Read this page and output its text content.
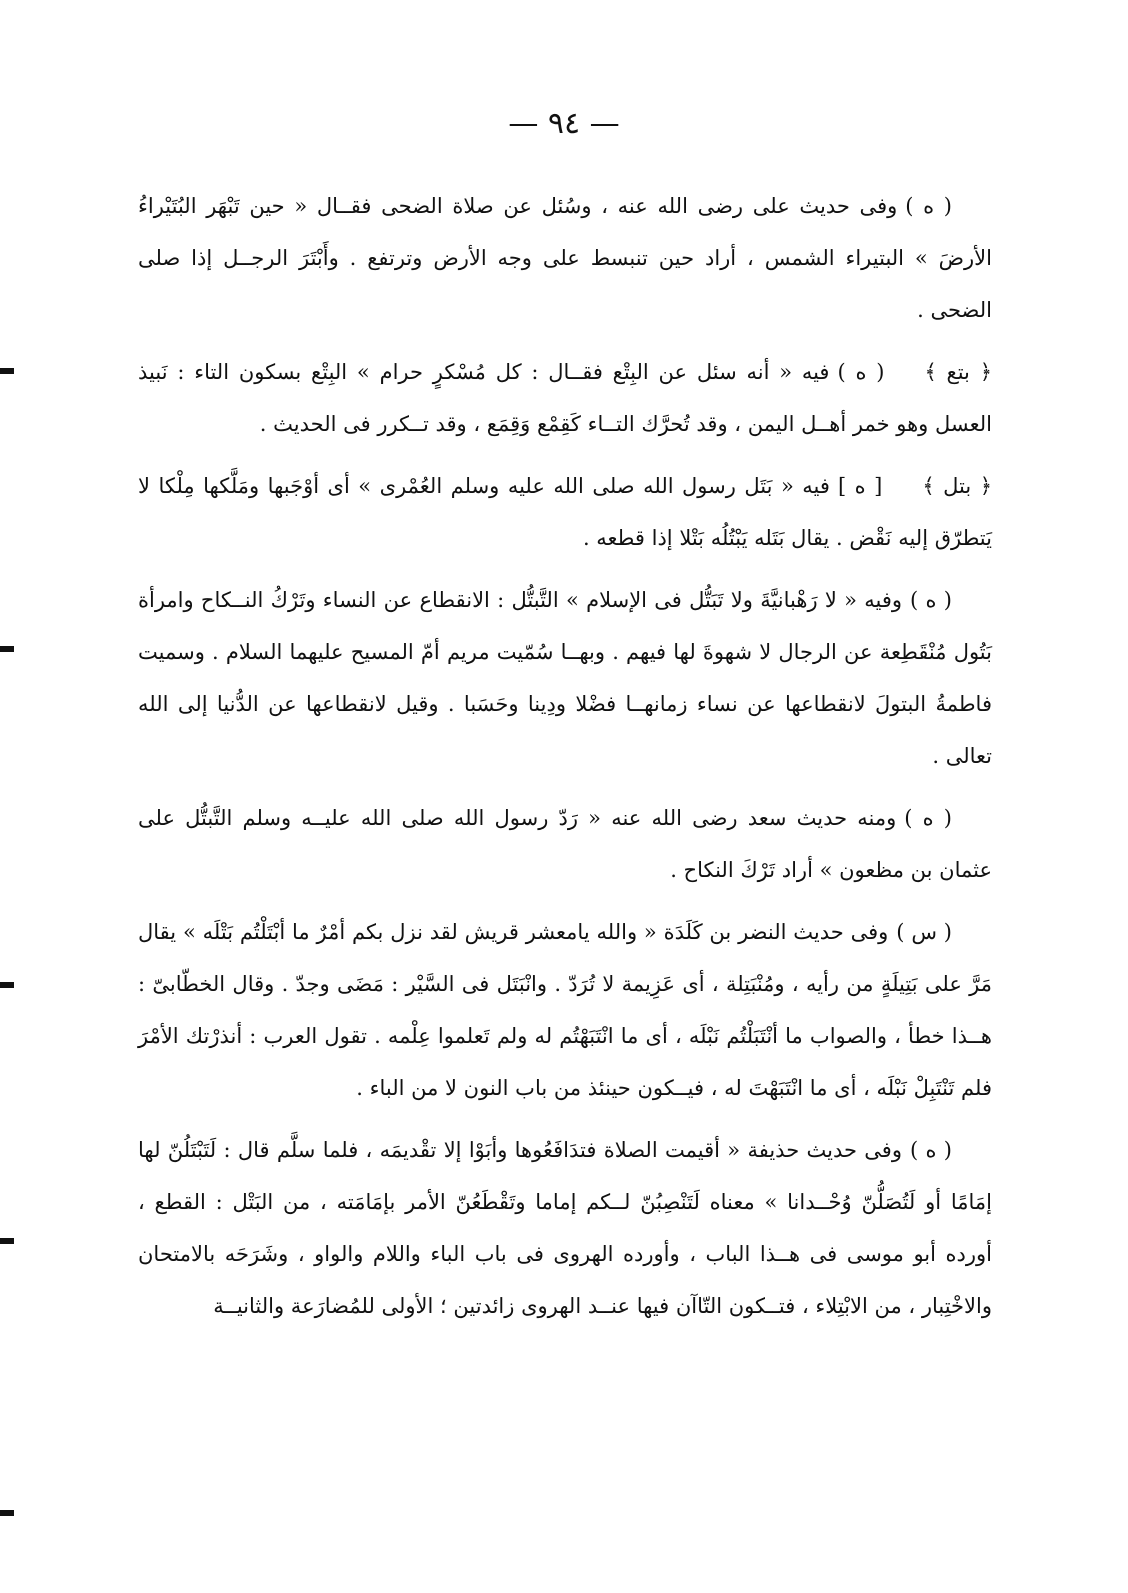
— ٩٤ —

( ه )وفى حديث على رضى الله عنه ، وسُئل عن صلاة الضحى فقــال « حين تَبْهَر البُتَيْراءُ الأرضَ » البتيراء الشمس ، أراد حين تنبسط على وجه الأرض وترتفع . وأَبْتَرَ الرجــل إذا صلى الضحى .

﴿ بتع ﴾( ه )فيه « أنه سئل عن البِتْع فقــال : كل مُسْكرٍ حرام » البِتْع بسكون التاء : نَبيذ العسل وهو خمر أهــل اليمن ، وقد تُحرَّك التــاء كَقِمْع وَقِمَع ، وقد تــكرر فى الحديث .

﴿ بتل ﴾[ ه ]فيه « بَتَل رسول الله صلى الله عليه وسلم العُمْرى » أى أوْجَبها ومَلَّكها مِلْكا لا يَتطرّق إليه نَقْض . يقال بَتَله يَبْتُلُه بَتْلا إذا قطعه .

( ه )وفيه « لا رَهْبانيَّةَ ولا تَبَتُّل فى الإسلام » التَّبتُّل : الانقطاع عن النساء وتَرْكُ النــكاح وامرأة بَتُول مُنْقَطِعة عن الرجال لا شهوةَ لها فيهم . وبهــا سُمّيت مريم أمّ المسيح عليهما السلام . وسميت فاطمةُ البتولَ لانقطاعها عن نساء زمانهــا فضْلا ودِينا وحَسَبا . وقيل لانقطاعها عن الدُّنيا إلى الله تعالى .

( ه )ومنه حديث سعد رضى الله عنه « رَدّ رسول الله صلى الله عليــه وسلم التَّبتُّل على عثمان بن مظعون » أراد تَرْكَ النكاح .

( س )وفى حديث النضر بن كَلَدَة « والله يامعشر قريش لقد نزل بكم أمْرٌ ما أبْتَلْتُم بَتْلَه » يقال مَرَّ على بَتِيلَةٍ من رأيه ، ومُنْبَتِلة ، أى عَزِيمة لا تُرَدّ . وانْبَتَل فى السَّيْر : مَضَى وجدّ . وقال الخطّابىّ : هــذا خطأ ، والصواب ما أنْتَبَلْتُم نَبْلَه ، أى ما انْتَبَهْتُم له ولم تَعلموا عِلْمه . تقول العرب : أنذرْتك الأمْرَ فلم تَنْتَبِلْ نَبْلَه ، أى ما انْتَبَهْتَ له ، فيــكون حينئذ من باب النون لا من الباء .

( ه )وفى حديث حذيفة « أقيمت الصلاة فتدَافَعُوها وأبَوْا إلا تقْديمَه ، فلما سلَّم قال : لَتَبْتَلُنّ لها إمَامًا أو لَتُصَلُّنّ وُحْــدانا » معناه لَتَنْصِبُنّ لــكم إماما وتَقْطَعُنّ الأمر بإمَامَته ، من البَتْل : القطع ، أورده أبو موسى فى هــذا الباب ، وأورده الهروى فى باب الباء واللام والواو ، وشَرَحَه بالامتحان والاخْتِبار ، من الابْتِلاء ، فتــكون التّاآن فيها عنــد الهروى زائدتين ؛ الأولى للمُضارَعة والثانيــة
